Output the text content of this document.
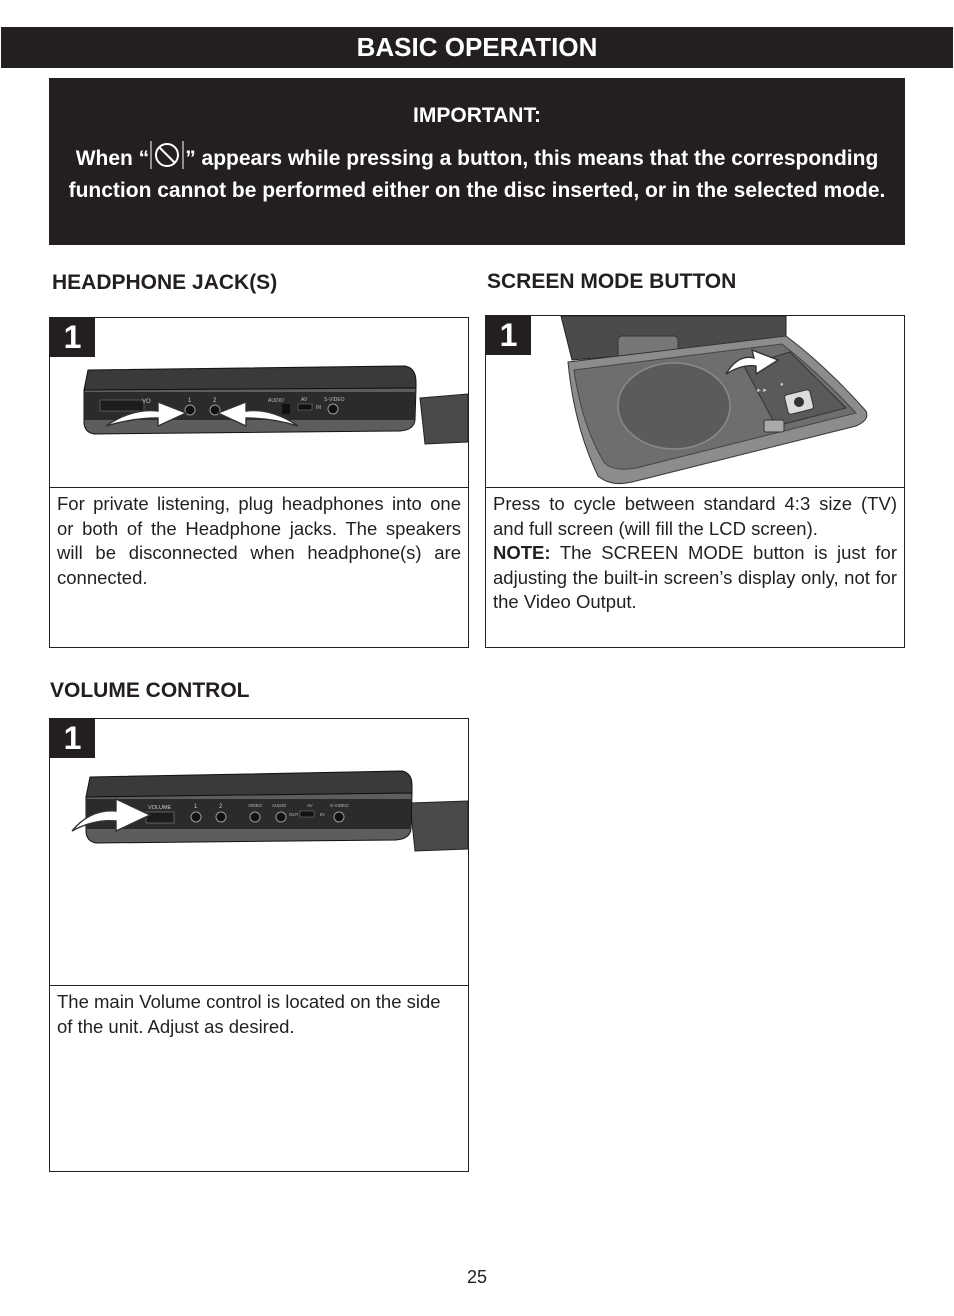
BASIC OPERATION
IMPORTANT:
When “ ” appears while pressing a button, this means that the corresponding function cannot be performed either on the disc inserted, or in the selected mode.
HEADPHONE JACK(S)
1
VO	1	2	AUDIO	AV	S-VIDEO
IN
For private listening, plug headphones into one or both of the Headphone jacks. The speakers will be disconnected when headphone(s) are connected.
SCREEN MODE BUTTON
►►
●
1
Press to cycle between standard 4:3 size (TV) and full screen (will fill the LCD screen).
NOTE: The SCREEN MODE button is just for adjusting the built-in screen’s display only, not for the Video Output.
VOLUME CONTROL
1
VOLUME	1	2	VIDEO AUDIO	AV
OUT	IN
S-VIDEO
The main Volume control is located on the side of the unit. Adjust as desired.
25
